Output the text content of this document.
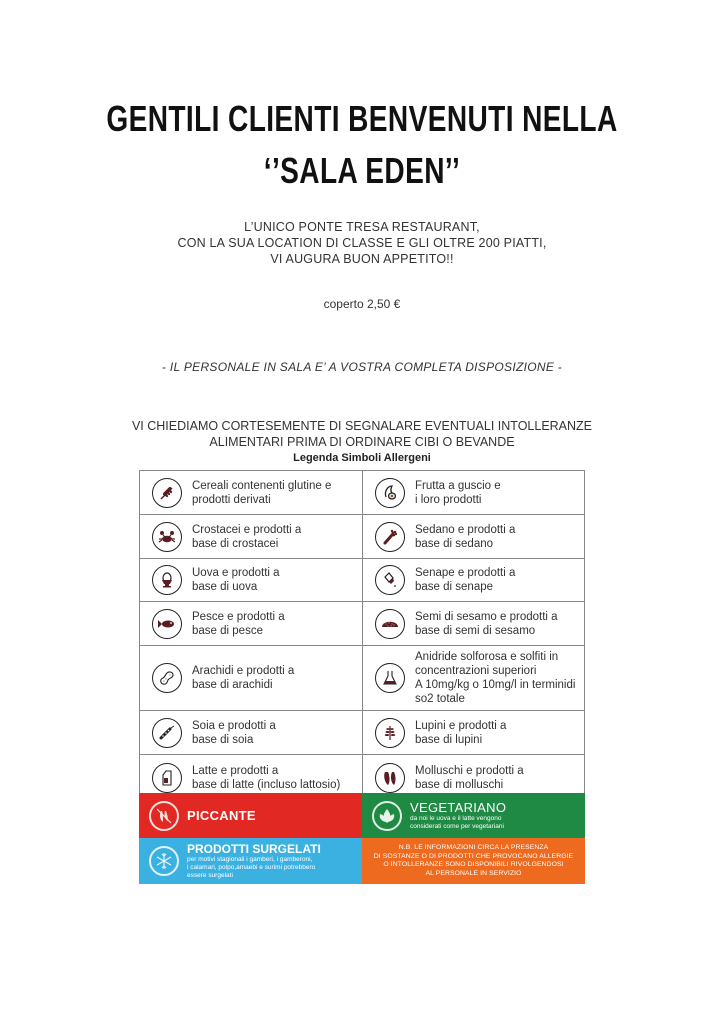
GENTILI CLIENTI BENVENUTI NELLA
‘’SALA EDEN’’
L’UNICO PONTE TRESA RESTAURANT,
CON LA SUA LOCATION DI CLASSE E GLI OLTRE 200 PIATTI,
VI AUGURA BUON APPETITO!!
coperto 2,50 €
- IL PERSONALE IN SALA E’ A VOSTRA COMPLETA DISPOSIZIONE -
VI CHIEDIAMO CORTESEMENTE DI SEGNALARE EVENTUALI INTOLLERANZE
ALIMENTARI PRIMA DI ORDINARE CIBI O BEVANDE
Legenda Simboli Allergeni
Cereali contenenti glutine e
prodotti derivati
Frutta a guscio e
i loro prodotti
Crostacei e prodotti a
base di crostacei
Sedano e prodotti a
base di sedano
Uova e prodotti a
base di uova
Senape e prodotti a
base di senape
Pesce e prodotti a
base di pesce
Semi di sesamo e prodotti a
base di semi di sesamo
Arachidi e prodotti a
base di arachidi
Anidride solforosa e solfiti in
concentrazioni superiori
A 10mg/kg o 10mg/l in terminidi
so2 totale
Soia e prodotti a
base di soia
Lupini e prodotti a
base di lupini
Latte e prodotti a
base di latte (incluso lattosio)
Molluschi e prodotti a
base di molluschi
PICCANTE
VEGETARIANO
da noi le uova e il latte vengono
considerati come per vegetariani
PRODOTTI SURGELATI
per motivi stagionali i gamberi, i gamberoni,
i calamari, polpo,amaebi e surimi potrebbero
essere surgelati
N.B. LE INFORMAZIONI CIRCA LA PRESENZA
DI SOSTANZE O DI PRODOTTI CHE PROVOCANO ALLERGIE
O INTOLLERANZE SONO DISPONIBILI RIVOLGENDOSI
AL PERSONALE IN SERVIZIO
